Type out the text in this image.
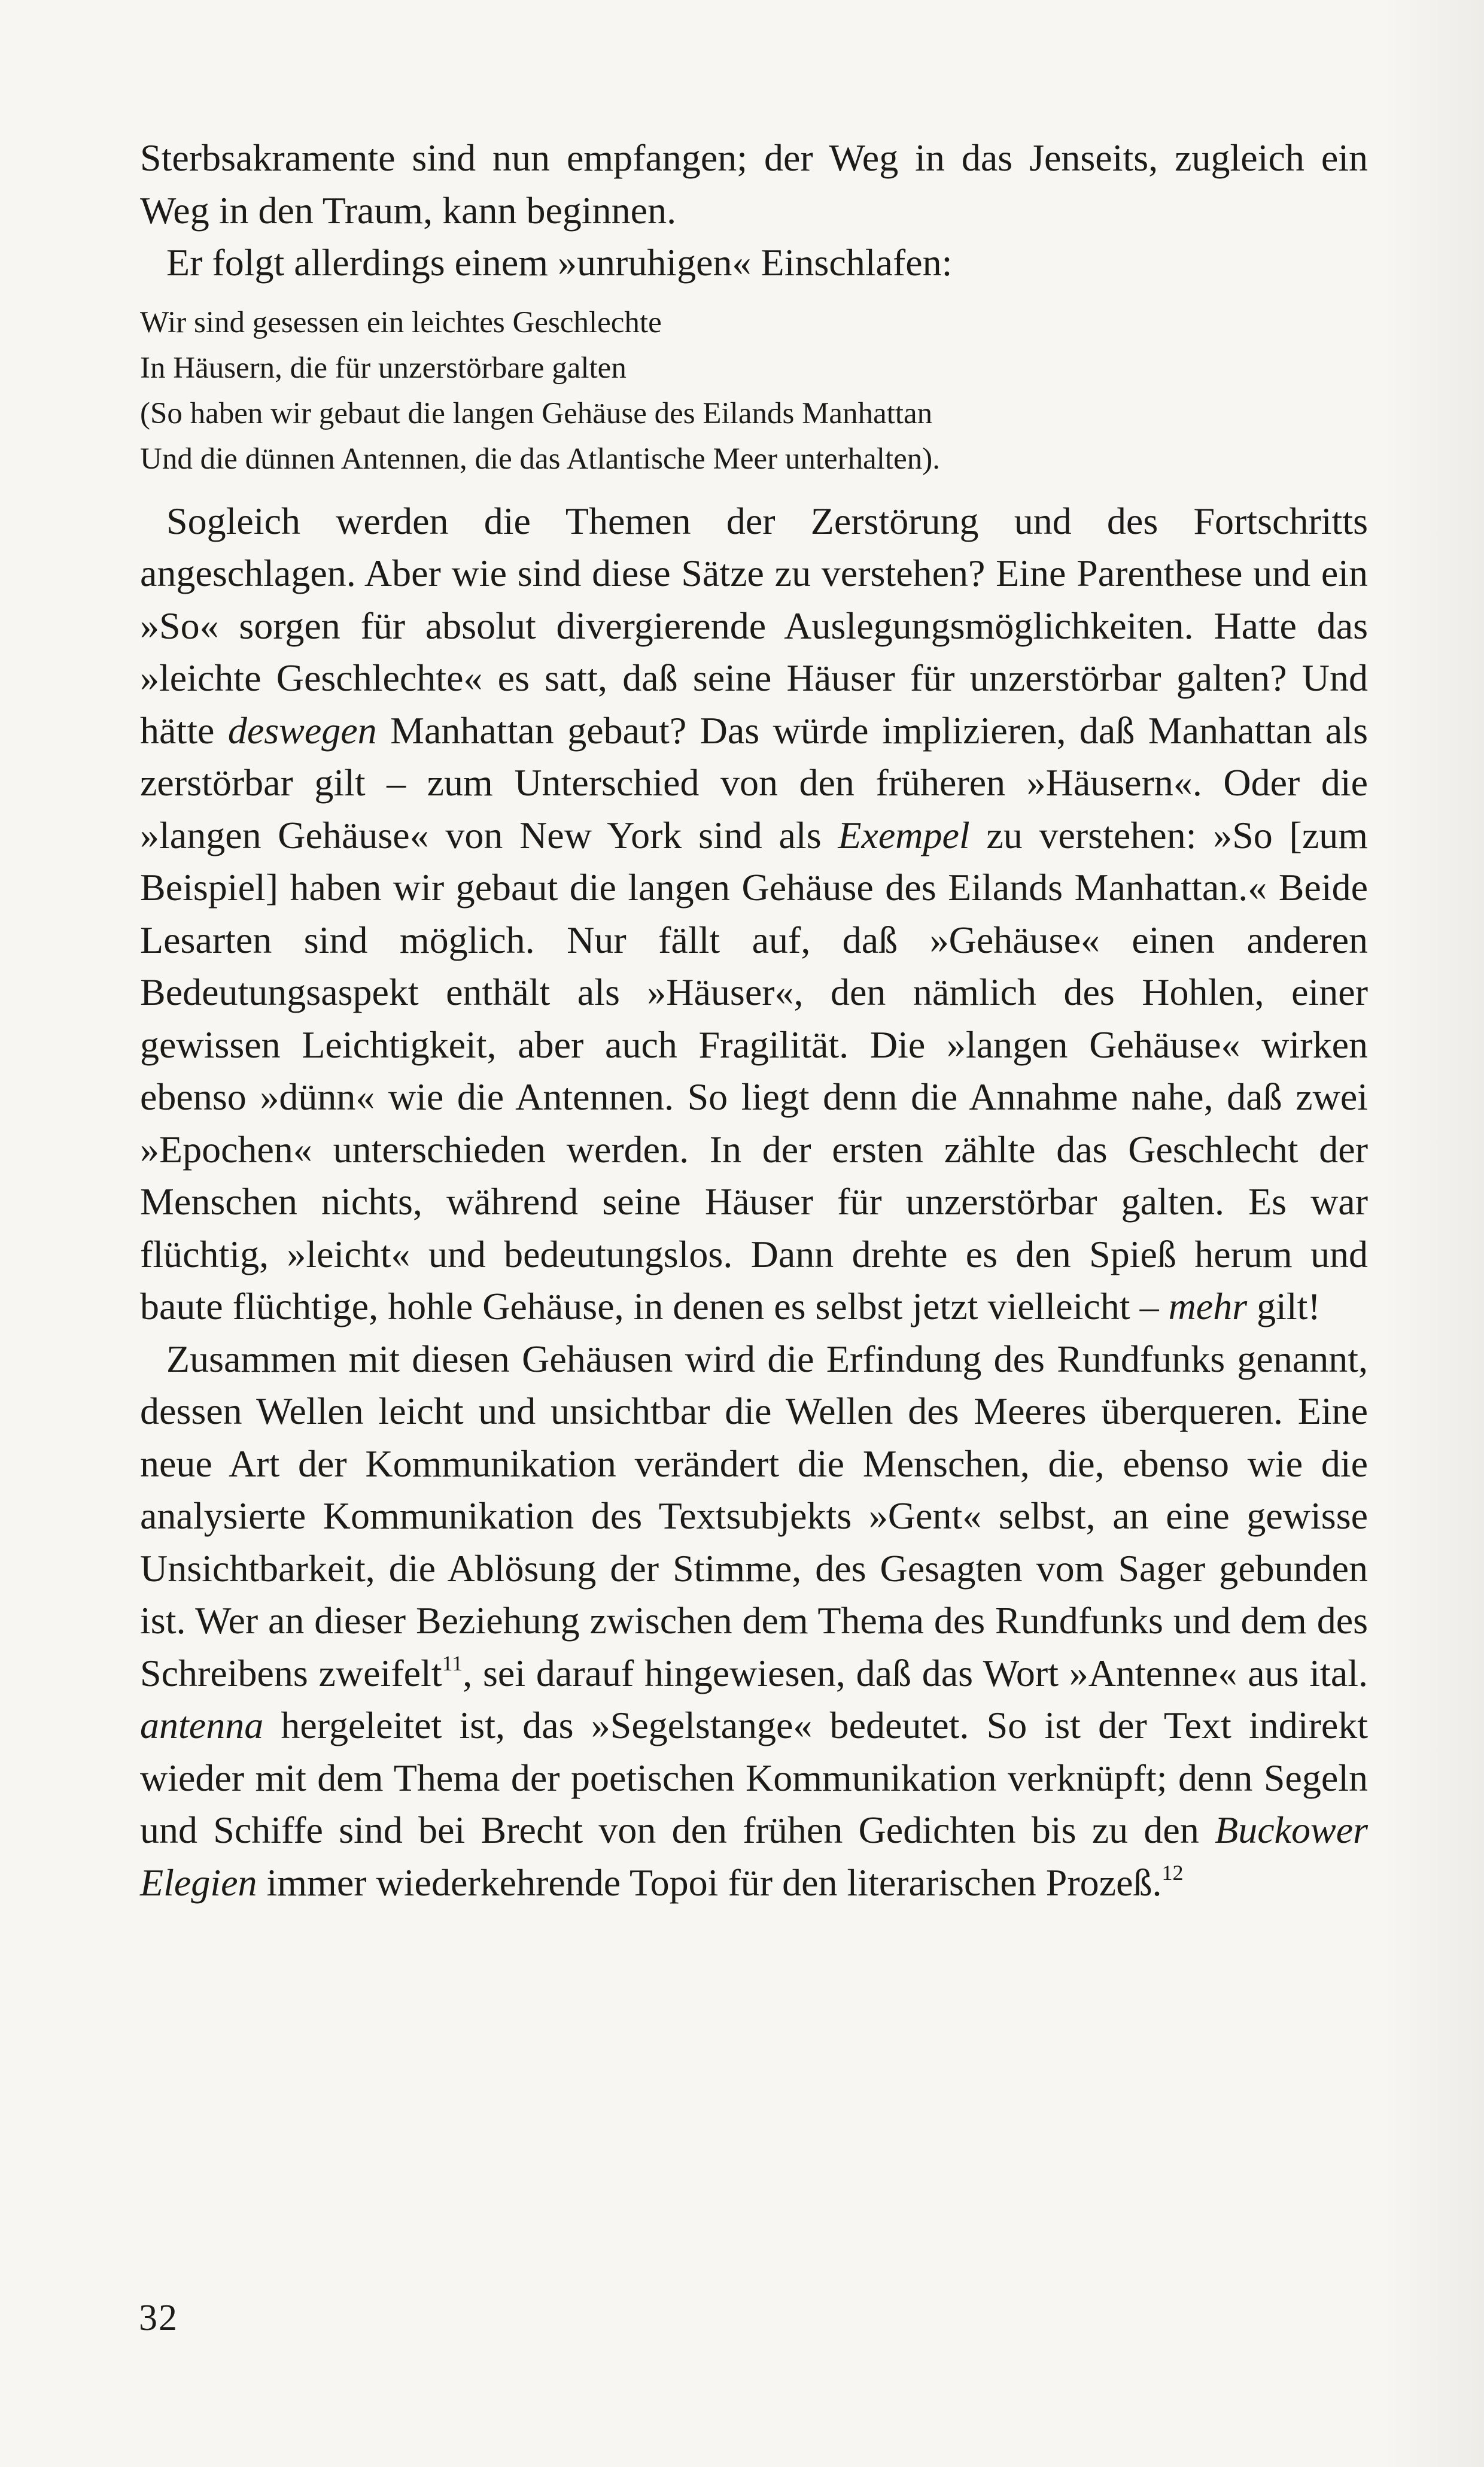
Sterbsakramente sind nun empfangen; der Weg in das Jenseits, zugleich ein Weg in den Traum, kann beginnen.

Er folgt allerdings einem »unruhigen« Einschlafen:

Wir sind gesessen ein leichtes Geschlechte
In Häusern, die für unzerstörbare galten
(So haben wir gebaut die langen Gehäuse des Eilands Manhattan
Und die dünnen Antennen, die das Atlantische Meer unterhalten).

Sogleich werden die Themen der Zerstörung und des Fortschritts angeschlagen. Aber wie sind diese Sätze zu verstehen? Eine Parenthese und ein »So« sorgen für absolut divergierende Auslegungsmöglichkeiten. Hatte das »leichte Geschlechte« es satt, daß seine Häuser für unzerstörbar galten? Und hätte deswegen Manhattan gebaut? Das würde implizieren, daß Manhattan als zerstörbar gilt – zum Unterschied von den früheren »Häusern«. Oder die »langen Gehäuse« von New York sind als Exempel zu verstehen: »So [zum Beispiel] haben wir gebaut die langen Gehäuse des Eilands Manhattan.« Beide Lesarten sind möglich. Nur fällt auf, daß »Gehäuse« einen anderen Bedeutungsaspekt enthält als »Häuser«, den nämlich des Hohlen, einer gewissen Leichtigkeit, aber auch Fragilität. Die »langen Gehäuse« wirken ebenso »dünn« wie die Antennen. So liegt denn die Annahme nahe, daß zwei »Epochen« unterschieden werden. In der ersten zählte das Geschlecht der Menschen nichts, während seine Häuser für unzerstörbar galten. Es war flüchtig, »leicht« und bedeutungslos. Dann drehte es den Spieß herum und baute flüchtige, hohle Gehäuse, in denen es selbst jetzt vielleicht – mehr gilt!

Zusammen mit diesen Gehäusen wird die Erfindung des Rundfunks genannt, dessen Wellen leicht und unsichtbar die Wellen des Meeres überqueren. Eine neue Art der Kommunikation verändert die Menschen, die, ebenso wie die analysierte Kommunikation des Textsubjekts »Gent« selbst, an eine gewisse Unsichtbarkeit, die Ablösung der Stimme, des Gesagten vom Sager gebunden ist. Wer an dieser Beziehung zwischen dem Thema des Rundfunks und dem des Schreibens zweifelt$^{11}$, sei darauf hingewiesen, daß das Wort »Antenne« aus ital. antenna hergeleitet ist, das »Segelstange« bedeutet. So ist der Text indirekt wieder mit dem Thema der poetischen Kommunikation verknüpft; denn Segeln und Schiffe sind bei Brecht von den frühen Gedichten bis zu den Buckower Elegien immer wiederkehrende Topoi für den literarischen Prozeß.$^{12}$

32
